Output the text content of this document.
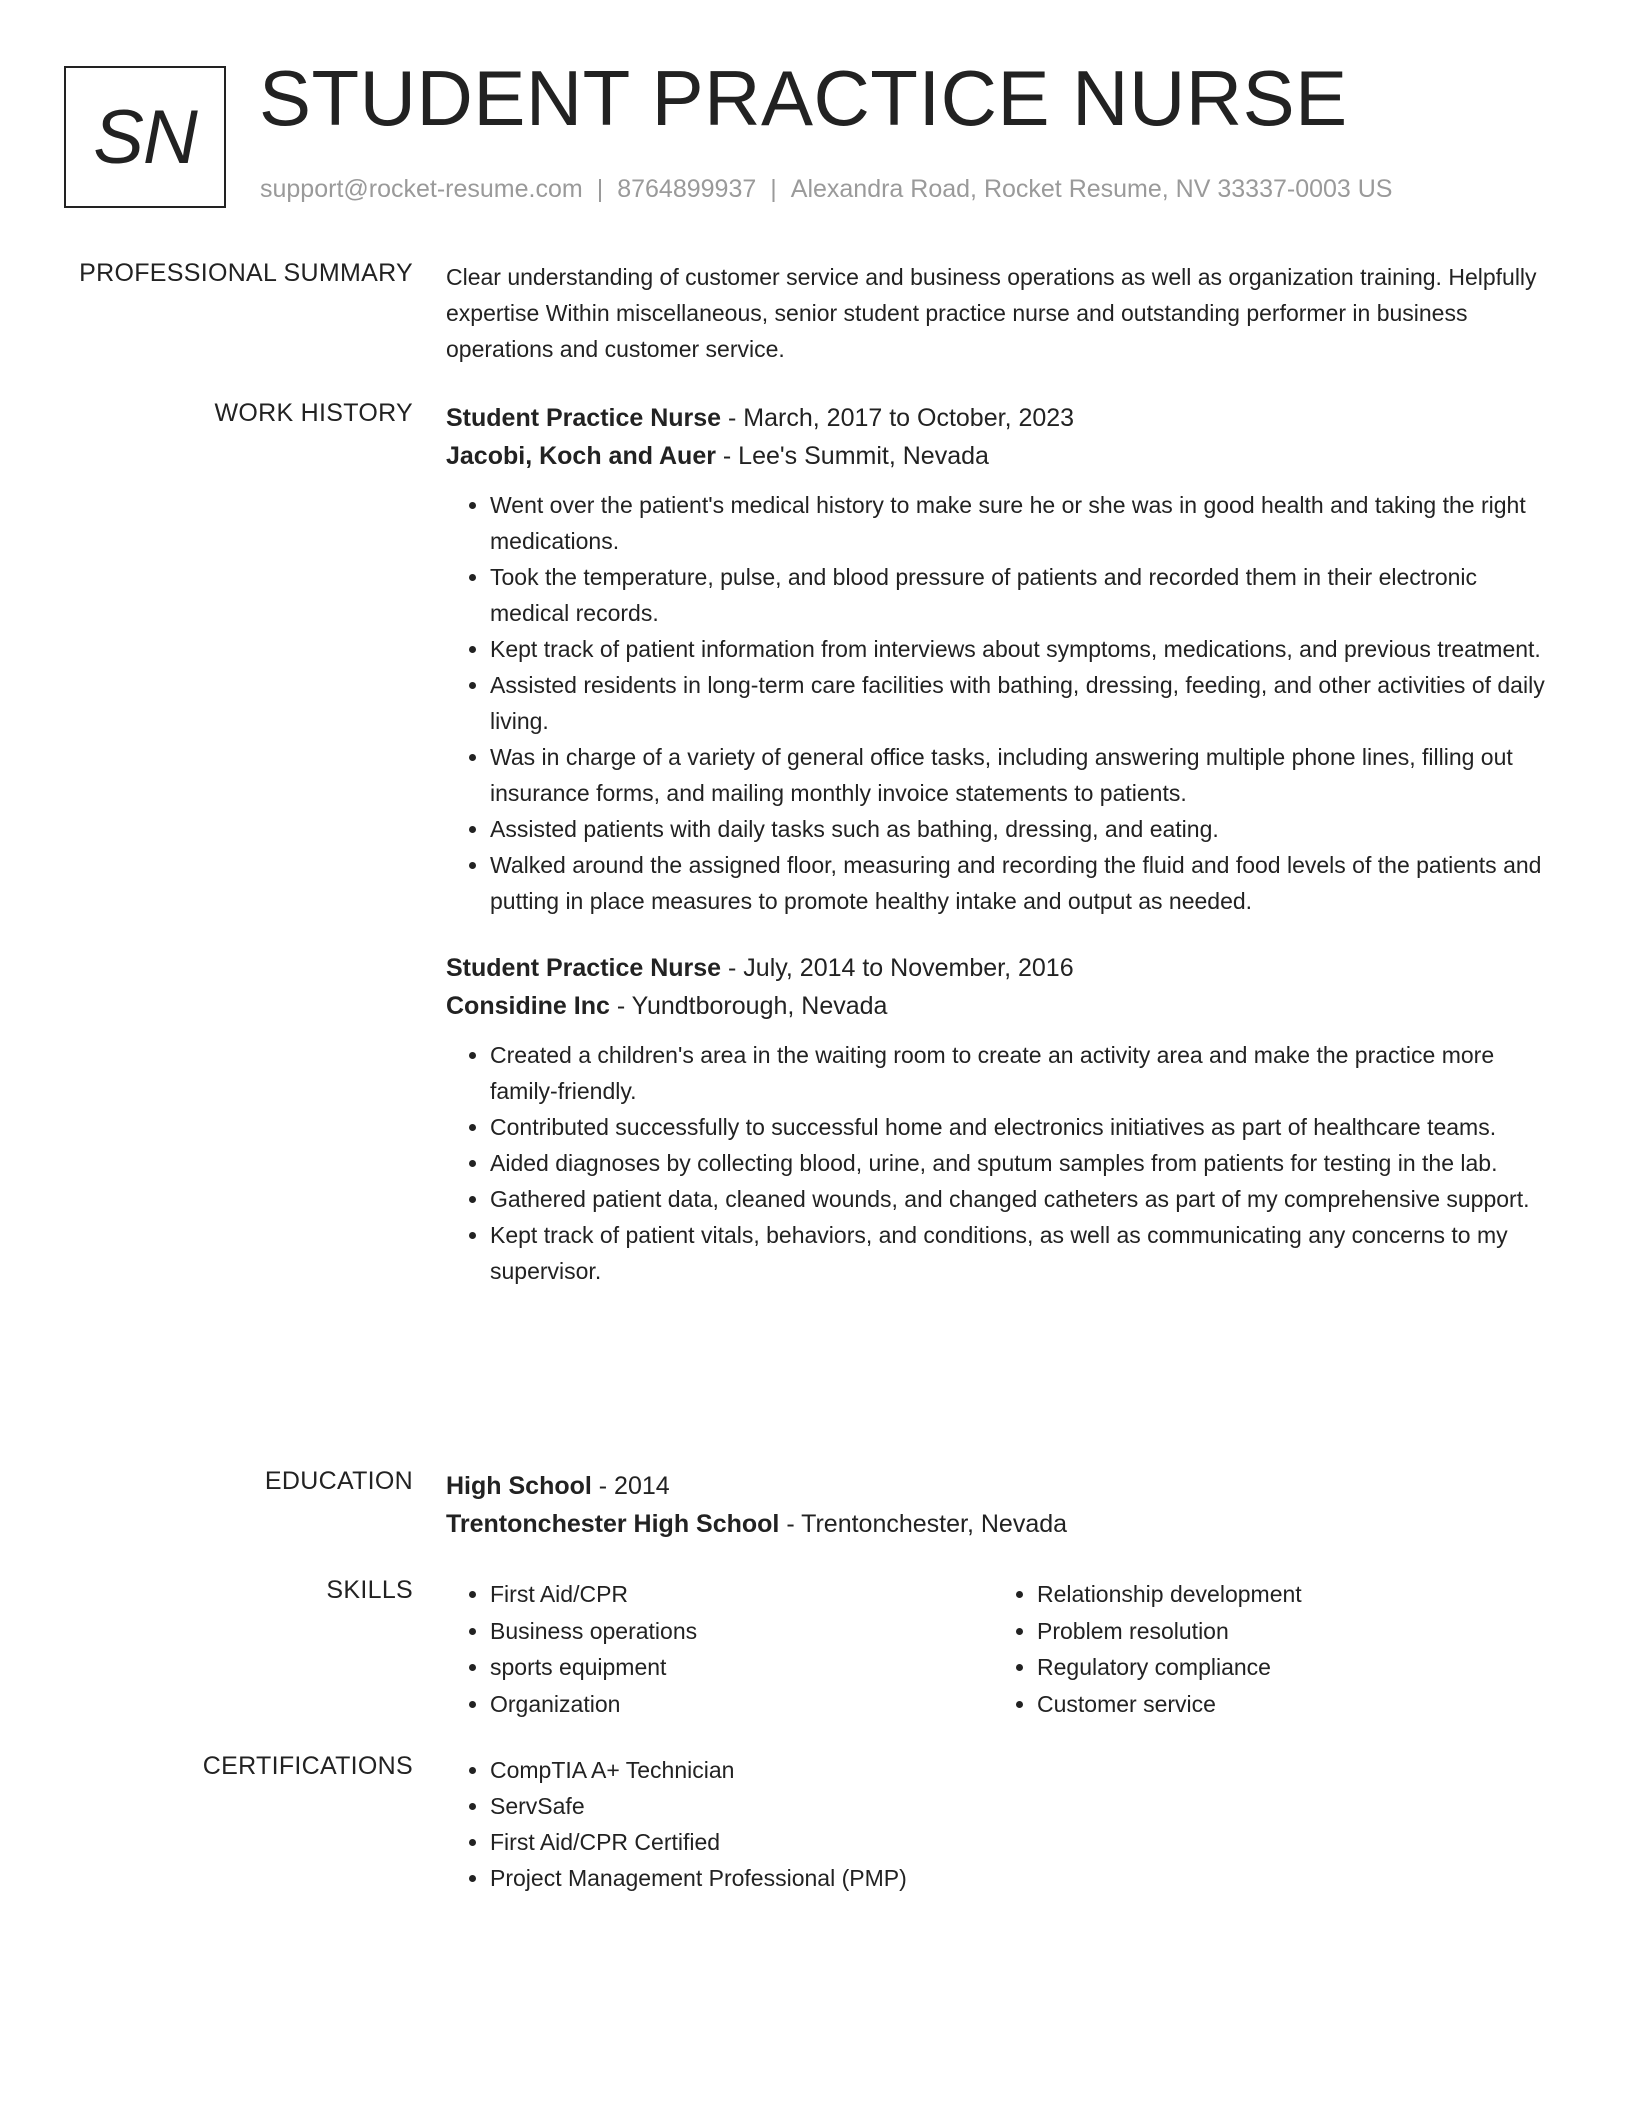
SN STUDENT PRACTICE NURSE
support@rocket-resume.com | 8764899937 | Alexandra Road, Rocket Resume, NV 33337-0003 US
PROFESSIONAL SUMMARY Clear understanding of customer service and business operations as well as organization training. Helpfully expertise Within miscellaneous, senior student practice nurse and outstanding performer in business operations and customer service.

WORK HISTORY Student Practice Nurse - March, 2017 to October, 2023
Jacobi, Koch and Auer - Lee's Summit, Nevada
• Went over the patient's medical history to make sure he or she was in good health and taking the right medications.
• Took the temperature, pulse, and blood pressure of patients and recorded them in their electronic medical records.
• Kept track of patient information from interviews about symptoms, medications, and previous treatment.
• Assisted residents in long-term care facilities with bathing, dressing, feeding, and other activities of daily living.
• Was in charge of a variety of general office tasks, including answering multiple phone lines, filling out insurance forms, and mailing monthly invoice statements to patients.
• Assisted patients with daily tasks such as bathing, dressing, and eating.
• Walked around the assigned floor, measuring and recording the fluid and food levels of the patients and putting in place measures to promote healthy intake and output as needed.
Student Practice Nurse - July, 2014 to November, 2016
Considine Inc - Yundtborough, Nevada
• Created a children's area in the waiting room to create an activity area and make the practice more family-friendly.
• Contributed successfully to successful home and electronics initiatives as part of healthcare teams.
• Aided diagnoses by collecting blood, urine, and sputum samples from patients for testing in the lab.
• Gathered patient data, cleaned wounds, and changed catheters as part of my comprehensive support.
• Kept track of patient vitals, behaviors, and conditions, as well as communicating any concerns to my supervisor.
EDUCATION High School - 2014
Trentonchester High School - Trentonchester, Nevada
SKILLS	• First Aid/CPR
• Business operations
• sports equipment
• Organization
• Relationship development
• Problem resolution
• Regulatory compliance
• Customer service
CERTIFICATIONS	• CompTIA A+ Technician
• ServSafe
• First Aid/CPR Certified
• Project Management Professional (PMP)
